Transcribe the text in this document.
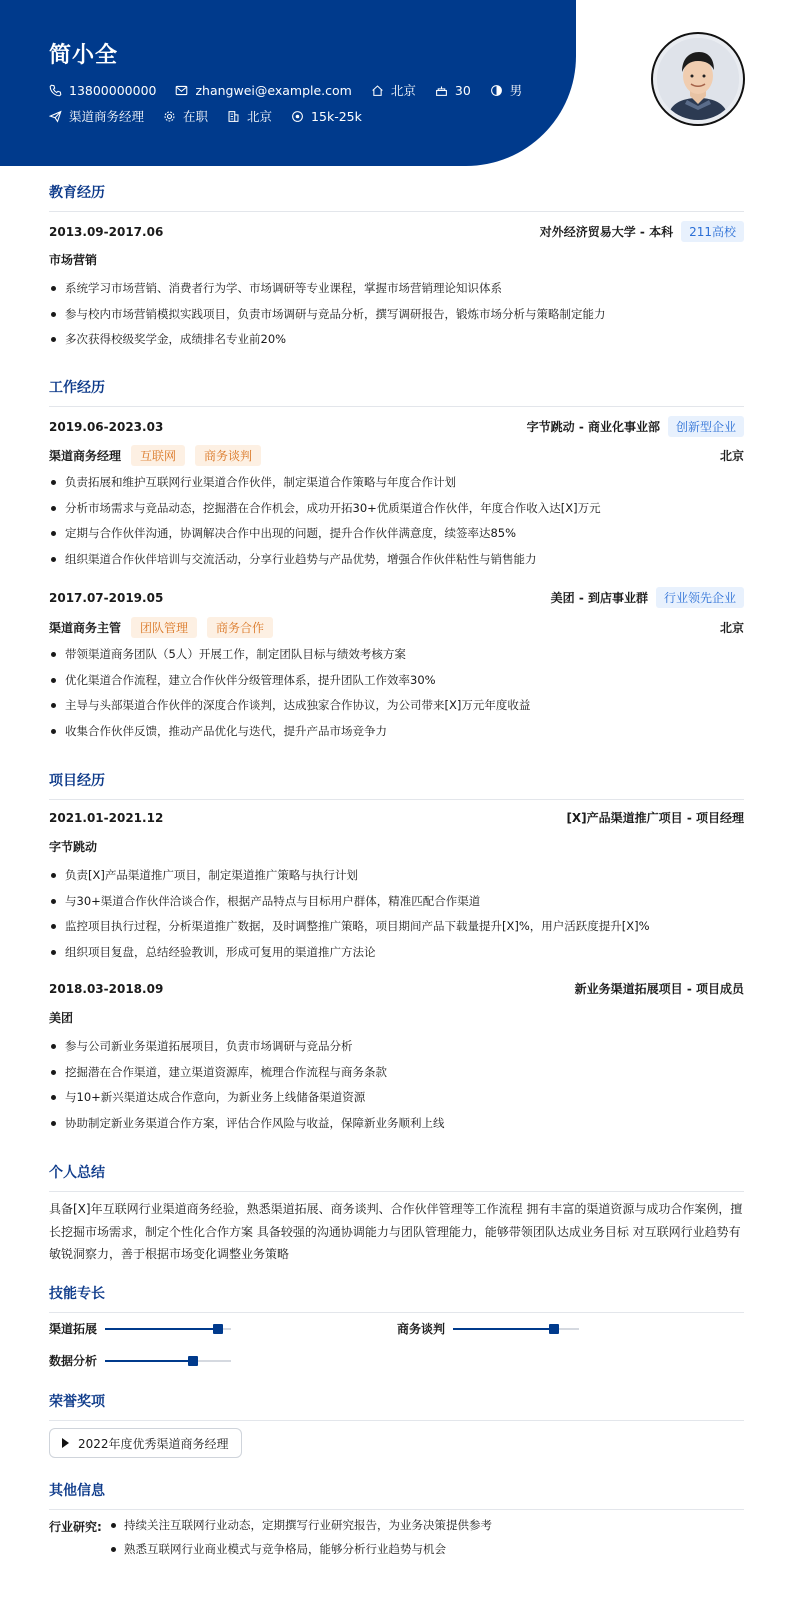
简小全
13800000000	zhangwei@example.com	北京	30	男
渠道商务经理	在职	北京	15k-25k
教育经历
2013.09-2017.06	对外经济贸易大学 - 本科	211高校
市场营销
系统学习市场营销、消费者行为学、市场调研等专业课程，掌握市场营销理论知识体系
参与校内市场营销模拟实践项目，负责市场调研与竞品分析，撰写调研报告，锻炼市场分析与策略制定能力
多次获得校级奖学金，成绩排名专业前20%
工作经历
2019.06-2023.03	字节跳动 - 商业化事业部	创新型企业
渠道商务经理	互联网	商务谈判	北京
负责拓展和维护互联网行业渠道合作伙伴，制定渠道合作策略与年度合作计划
分析市场需求与竞品动态，挖掘潜在合作机会，成功开拓30+优质渠道合作伙伴，年度合作收入达[X]万元
定期与合作伙伴沟通，协调解决合作中出现的问题，提升合作伙伴满意度，续签率达85%
组织渠道合作伙伴培训与交流活动，分享行业趋势与产品优势，增强合作伙伴粘性与销售能力
2017.07-2019.05	美团 - 到店事业群	行业领先企业
渠道商务主管	团队管理	商务合作	北京
带领渠道商务团队（5人）开展工作，制定团队目标与绩效考核方案
优化渠道合作流程，建立合作伙伴分级管理体系，提升团队工作效率30%
主导与头部渠道合作伙伴的深度合作谈判，达成独家合作协议，为公司带来[X]万元年度收益
收集合作伙伴反馈，推动产品优化与迭代，提升产品市场竞争力
项目经历
2021.01-2021.12	[X]产品渠道推广项目 - 项目经理
字节跳动
负责[X]产品渠道推广项目，制定渠道推广策略与执行计划
与30+渠道合作伙伴洽谈合作，根据产品特点与目标用户群体，精准匹配合作渠道
监控项目执行过程，分析渠道推广数据，及时调整推广策略，项目期间产品下载量提升[X]%，用户活跃度提升[X]%
组织项目复盘，总结经验教训，形成可复用的渠道推广方法论
2018.03-2018.09	新业务渠道拓展项目 - 项目成员
美团
参与公司新业务渠道拓展项目，负责市场调研与竞品分析
挖掘潜在合作渠道，建立渠道资源库，梳理合作流程与商务条款
与10+新兴渠道达成合作意向，为新业务上线储备渠道资源
协助制定新业务渠道合作方案，评估合作风险与收益，保障新业务顺利上线
个人总结
具备[X]年互联网行业渠道商务经验，熟悉渠道拓展、商务谈判、合作伙伴管理等工作流程 拥有丰富的渠道资源与成功合作案例，擅长挖掘市场需求，制定个性化合作方案 具备较强的沟通协调能力与团队管理能力，能够带领团队达成业务目标 对互联网行业趋势有敏锐洞察力，善于根据市场变化调整业务策略
技能专长
渠道拓展	商务谈判
数据分析
荣誉奖项
2022年度优秀渠道商务经理
其他信息
行业研究:	持续关注互联网行业动态，定期撰写行业研究报告，为业务决策提供参考
熟悉互联网行业商业模式与竞争格局，能够分析行业趋势与机会
